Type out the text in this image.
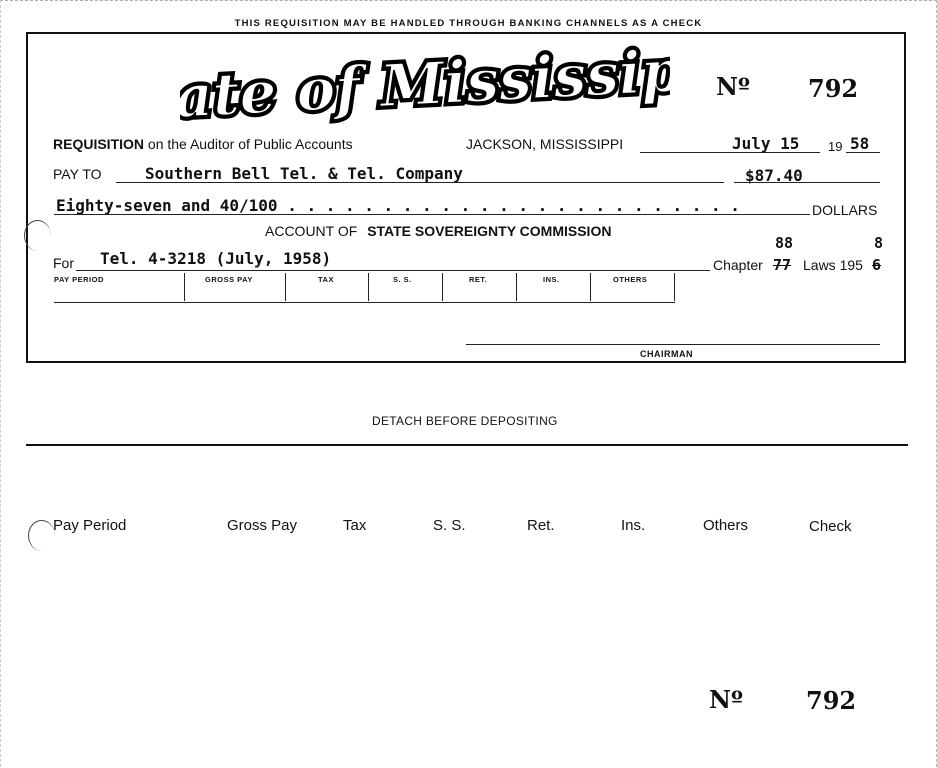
THIS REQUISITION MAY BE HANDLED THROUGH BANKING CHANNELS AS A CHECK
State of Mississippi
State of Mississippi
Nº 792
REQUISITION on the Auditor of Public Accounts	JACKSON, MISSISSIPPI	July 15 19 58
PAY TO	Southern Bell Tel. & Tel. Company	$87.40
Eighty-seven and 40/100 . . . . . . . . . . . . . . . . . . . . . . . .	DOLLARS
ACCOUNT OF STATE SOVEREIGNTY COMMISSION
For Tel. 4-3218 (July, 1958)	Chapter 77
88
Laws 195 6
8
PAY PERIOD	GROSS PAY	TAX	S. S.	RET.	INS.	OTHERS
CHAIRMAN
DETACH BEFORE DEPOSITING
Pay Period	Gross Pay	Tax	S. S.	Ret.	Ins.	Others	Check
Nº	792
